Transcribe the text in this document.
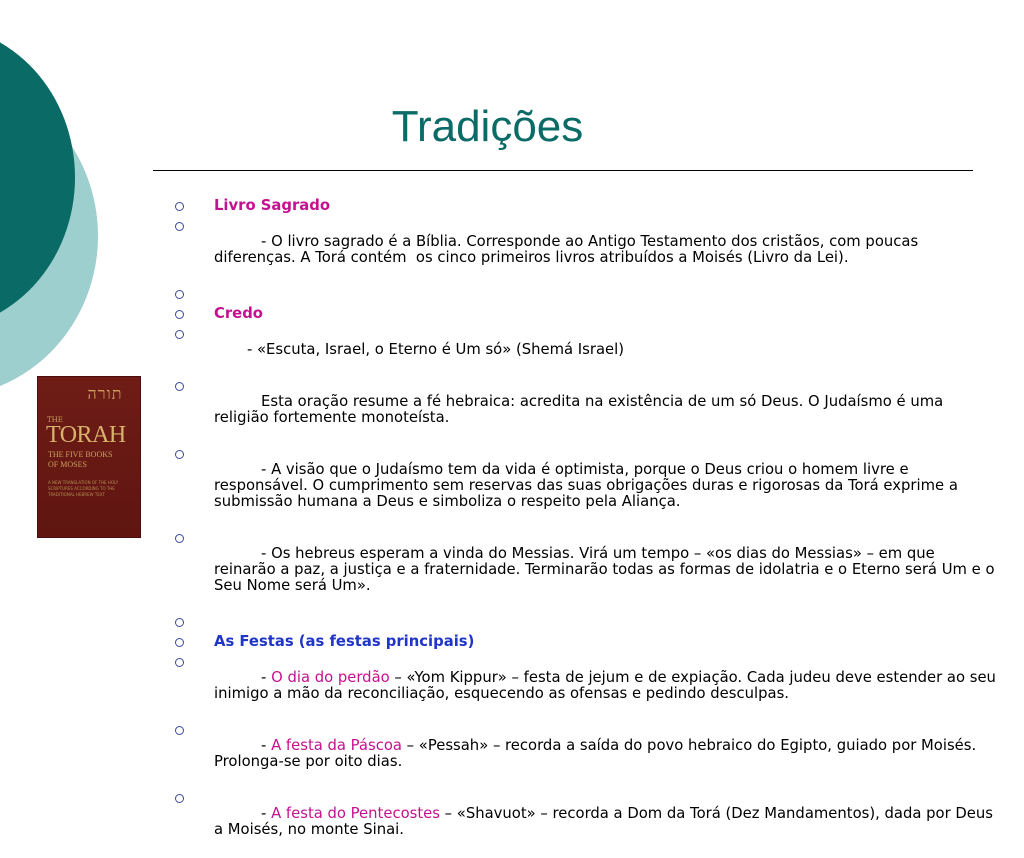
Tradições
תורה
THE
TORAH
THE FIVE BOOKS
OF MOSES
A NEW TRANSLATION OF THE HOLY SCRIPTURES ACCORDING TO THE TRADITIONAL HEBREW TEXT
Livro Sagrado

- O livro sagrado é a Bíblia. Corresponde ao Antigo Testamento dos cristãos, com poucas diferenças. A Torá contém  os cinco primeiros livros atribuídos a Moisés (Livro da Lei).

Credo

- «Escuta, Israel, o Eterno é Um só» (Shemá Israel)

Esta oração resume a fé hebraica: acredita na existência de um só Deus. O Judaísmo é uma religião fortemente monoteísta.

- A visão que o Judaísmo tem da vida é optimista, porque o Deus criou o homem livre e responsável. O cumprimento sem reservas das suas obrigações duras e rigorosas da Torá exprime a submissão humana a Deus e simboliza o respeito pela Aliança.

- Os hebreus esperam a vinda do Messias. Virá um tempo – «os dias do Messias» – em que reinarão a paz, a justiça e a fraternidade. Terminarão todas as formas de idolatria e o Eterno será Um e o Seu Nome será Um».

As Festas (as festas principais)

- O dia do perdão – «Yom Kippur» – festa de jejum e de expiação. Cada judeu deve estender ao seu inimigo a mão da reconciliação, esquecendo as ofensas e pedindo desculpas.

- A festa da Páscoa – «Pessah» – recorda a saída do povo hebraico do Egipto, guiado por Moisés. Prolonga-se por oito dias.

- A festa do Pentecostes – «Shavuot» – recorda a Dom da Torá (Dez Mandamentos), dada por Deus a Moisés, no monte Sinai.
